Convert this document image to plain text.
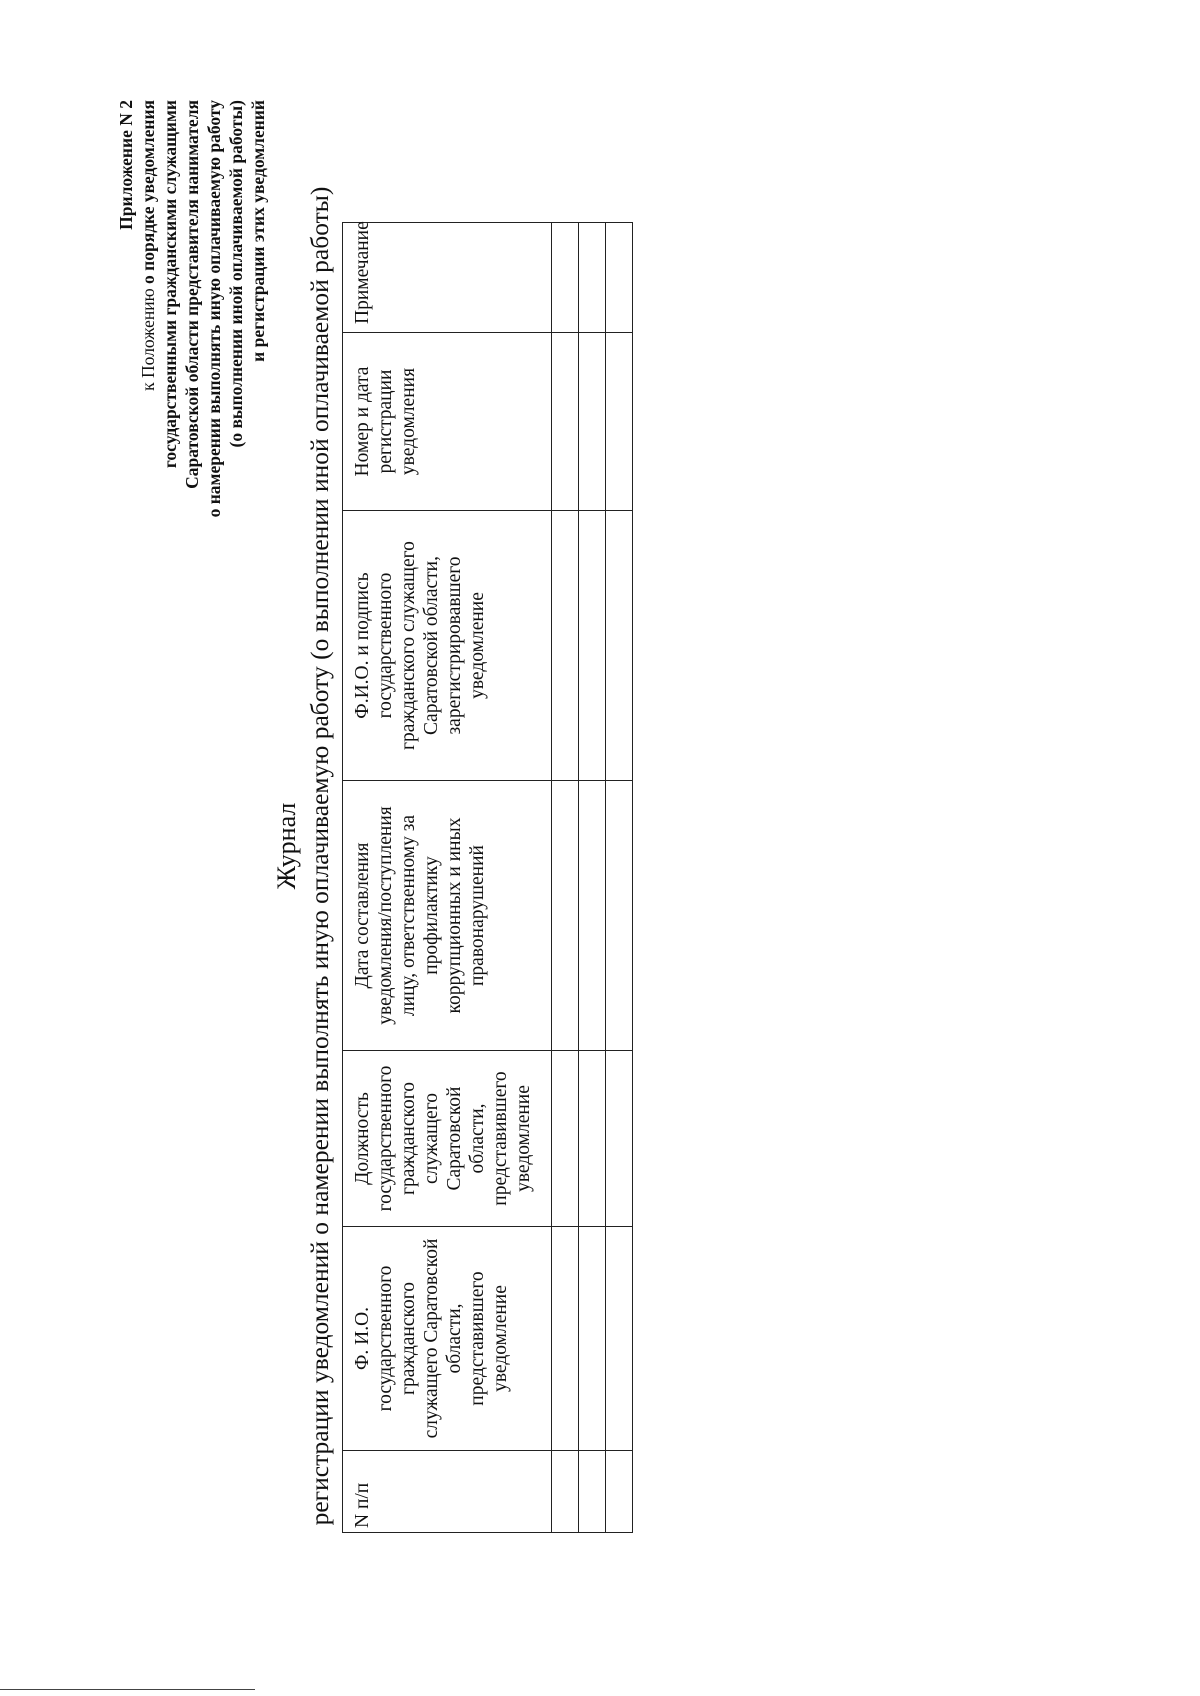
Приложение N 2
к Положению о порядке уведомления государственными гражданскими служащими Саратовской области представителя нанимателя о намерении выполнять иную оплачиваемую работу (о выполнении иной оплачиваемой работы) и регистрации этих уведомлений
Журнал регистрации уведомлений о намерении выполнять иную оплачиваемую работу (о выполнении иной оплачиваемой работы) N п/п	Ф. И.О. государственного гражданского служащего Саратовской области, представившего уведомление	Должность государственного гражданского служащего Саратовской области, представившего уведомление	Дата составления уведомления/поступления лицу, ответственному за профилактику коррупционных и иных правонарушений	Ф.И.О. и подпись государственного гражданского служащего Саратовской области, зарегистрировавшего уведомление	Номер и дата регистрации уведомления	Примечание
